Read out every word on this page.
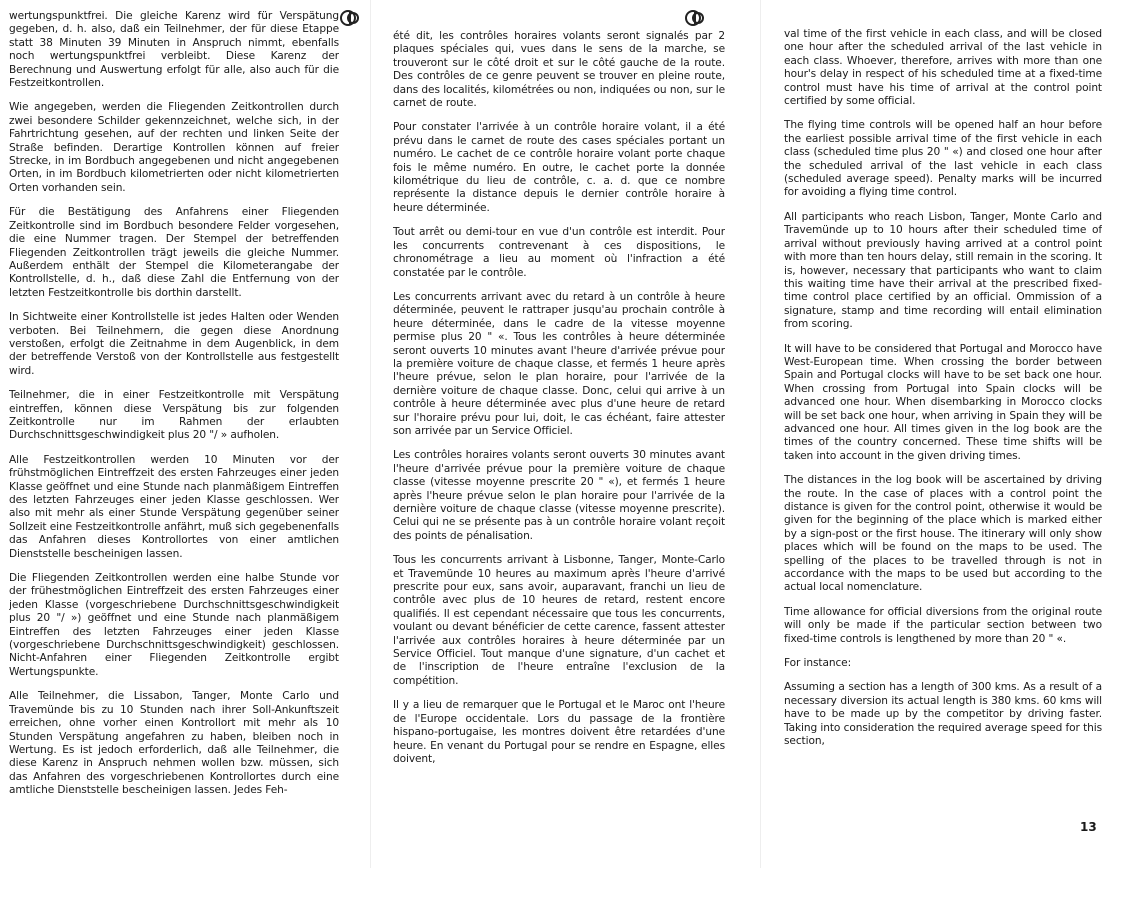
wertungspunktfrei. Die gleiche Karenz wird für Verspätung gegeben, d. h. also, daß ein Teilnehmer, der für diese Etappe statt 38 Minuten 39 Minuten in Anspruch nimmt, ebenfalls noch wertungspunktfrei verbleibt. Diese Karenz der Berechnung und Auswertung erfolgt für alle, also auch für die Festzeitkontrollen.

Wie angegeben, werden die Fliegenden Zeitkontrollen durch zwei besondere Schilder gekennzeichnet, welche sich, in der Fahrtrichtung gesehen, auf der rechten und linken Seite der Straße befinden. Derartige Kontrollen können auf freier Strecke, in im Bordbuch angegebenen und nicht angegebenen Orten, in im Bordbuch kilometrierten oder nicht kilometrierten Orten vorhanden sein.

Für die Bestätigung des Anfahrens einer Fliegenden Zeitkontrolle sind im Bordbuch besondere Felder vorgesehen, die eine Nummer tragen. Der Stempel der betreffenden Fliegenden Zeitkontrollen trägt jeweils die gleiche Nummer. Außerdem enthält der Stempel die Kilometerangabe der Kontrollstelle, d. h., daß diese Zahl die Entfernung von der letzten Festzeitkontrolle bis dorthin darstellt.

In Sichtweite einer Kontrollstelle ist jedes Halten oder Wenden verboten. Bei Teilnehmern, die gegen diese Anordnung verstoßen, erfolgt die Zeitnahme in dem Augenblick, in dem der betreffende Verstoß von der Kontrollstelle aus festgestellt wird.

Teilnehmer, die in einer Festzeitkontrolle mit Verspätung eintreffen, können diese Verspätung bis zur folgenden Zeitkontrolle nur im Rahmen der erlaubten Durchschnittsgeschwindigkeit plus 20 "/ » aufholen.

Alle Festzeitkontrollen werden 10 Minuten vor der frühstmöglichen Eintreffzeit des ersten Fahrzeuges einer jeden Klasse geöffnet und eine Stunde nach planmäßigem Eintreffen des letzten Fahrzeuges einer jeden Klasse geschlossen. Wer also mit mehr als einer Stunde Verspätung gegenüber seiner Sollzeit eine Festzeitkontrolle anfährt, muß sich gegebenenfalls das Anfahren dieses Kontrollortes von einer amtlichen Dienststelle bescheinigen lassen.

Die Fliegenden Zeitkontrollen werden eine halbe Stunde vor der frühestmöglichen Eintreffzeit des ersten Fahrzeuges einer jeden Klasse (vorgeschriebene Durchschnittsgeschwindigkeit plus 20 "/ ») geöffnet und eine Stunde nach planmäßigem Eintreffen des letzten Fahrzeuges einer jeden Klasse (vorgeschriebene Durchschnittsgeschwindigkeit) geschlossen. Nicht-Anfahren einer Fliegenden Zeitkontrolle ergibt Wertungspunkte.

Alle Teilnehmer, die Lissabon, Tanger, Monte Carlo und Travemünde bis zu 10 Stunden nach ihrer Soll-Ankunftszeit erreichen, ohne vorher einen Kontrollort mit mehr als 10 Stunden Verspätung angefahren zu haben, bleiben noch in Wertung. Es ist jedoch erforderlich, daß alle Teilnehmer, die diese Karenz in Anspruch nehmen wollen bzw. müssen, sich das Anfahren des vorgeschriebenen Kontrollortes durch eine amtliche Dienststelle bescheinigen lassen. Jedes Feh-

été dit, les contrôles horaires volants seront signalés par 2 plaques spéciales qui, vues dans le sens de la marche, se trouveront sur le côté droit et sur le côté gauche de la route. Des contrôles de ce genre peuvent se trouver en pleine route, dans des localités, kilométrées ou non, indiquées ou non, sur le carnet de route.

Pour constater l'arrivée à un contrôle horaire volant, il a été prévu dans le carnet de route des cases spéciales portant un numéro. Le cachet de ce contrôle horaire volant porte chaque fois le même numéro. En outre, le cachet porte la donnée kilométrique du lieu de contrôle, c. a. d. que ce nombre représente la distance depuis le dernier contrôle horaire à heure déterminée.

Tout arrêt ou demi-tour en vue d'un contrôle est interdit. Pour les concurrents contrevenant à ces dispositions, le chronométrage a lieu au moment où l'infraction a été constatée par le contrôle.

Les concurrents arrivant avec du retard à un contrôle à heure déterminée, peuvent le rattraper jusqu'au prochain contrôle à heure déterminée, dans le cadre de la vitesse moyenne permise plus 20 " «. Tous les contrôles à heure déterminée seront ouverts 10 minutes avant l'heure d'arrivée prévue pour la première voiture de chaque classe, et fermés 1 heure après l'heure prévue, selon le plan horaire, pour l'arrivée de la dernière voiture de chaque classe. Donc, celui qui arrive à un contrôle à heure déterminée avec plus d'une heure de retard sur l'horaire prévu pour lui, doit, le cas échéant, faire attester son arrivée par un Service Officiel.

Les contrôles horaires volants seront ouverts 30 minutes avant l'heure d'arrivée prévue pour la première voiture de chaque classe (vitesse moyenne prescrite 20 " «), et fermés 1 heure après l'heure prévue selon le plan horaire pour l'arrivée de la dernière voiture de chaque classe (vitesse moyenne prescrite). Celui qui ne se présente pas à un contrôle horaire volant reçoit des points de pénalisation.

Tous les concurrents arrivant à Lisbonne, Tanger, Monte-Carlo et Travemünde 10 heures au maximum après l'heure d'arrivé prescrite pour eux, sans avoir, auparavant, franchi un lieu de contrôle avec plus de 10 heures de retard, restent encore qualifiés. Il est cependant nécessaire que tous les concurrents, voulant ou devant bénéficier de cette carence, fassent attester l'arrivée aux contrôles horaires à heure déterminée par un Service Officiel. Tout manque d'une signature, d'un cachet et de l'inscription de l'heure entraîne l'exclusion de la compétition.

Il y a lieu de remarquer que le Portugal et le Maroc ont l'heure de l'Europe occidentale. Lors du passage de la frontière hispano-portugaise, les montres doivent être retardées d'une heure. En venant du Portugal pour se rendre en Espagne, elles doivent,

val time of the first vehicle in each class, and will be closed one hour after the scheduled arrival of the last vehicle in each class. Whoever, therefore, arrives with more than one hour's delay in respect of his scheduled time at a fixed-time control must have his time of arrival at the control point certified by some official.

The flying time controls will be opened half an hour before the earliest possible arrival time of the first vehicle in each class (scheduled time plus 20 " «) and closed one hour after the scheduled arrival of the last vehicle in each class (scheduled average speed). Penalty marks will be incurred for avoiding a flying time control.

All participants who reach Lisbon, Tanger, Monte Carlo and Travemünde up to 10 hours after their scheduled time of arrival without previously having arrived at a control point with more than ten hours delay, still remain in the scoring. It is, however, necessary that participants who want to claim this waiting time have their arrival at the prescribed fixed-time control place certified by an official. Ommission of a signature, stamp and time recording will entail elimination from scoring.

It will have to be considered that Portugal and Morocco have West-European time. When crossing the border between Spain and Portugal clocks will have to be set back one hour. When crossing from Portugal into Spain clocks will be advanced one hour. When disembarking in Morocco clocks will be set back one hour, when arriving in Spain they will be advanced one hour. All times given in the log book are the times of the country concerned. These time shifts will be taken into account in the given driving times.

The distances in the log book will be ascertained by driving the route. In the case of places with a control point the distance is given for the control point, otherwise it would be given for the beginning of the place which is marked either by a sign-post or the first house. The itinerary will only show places which will be found on the maps to be used. The spelling of the places to be travelled through is not in accordance with the maps to be used but according to the actual local nomenclature.

Time allowance for official diversions from the original route will only be made if the particular section between two fixed-time controls is lengthened by more than 20 " «.

For instance:

Assuming a section has a length of 300 kms. As a result of a necessary diversion its actual length is 380 kms. 60 kms will have to be made up by the competitor by driving faster. Taking into consideration the required average speed for this section,

13
